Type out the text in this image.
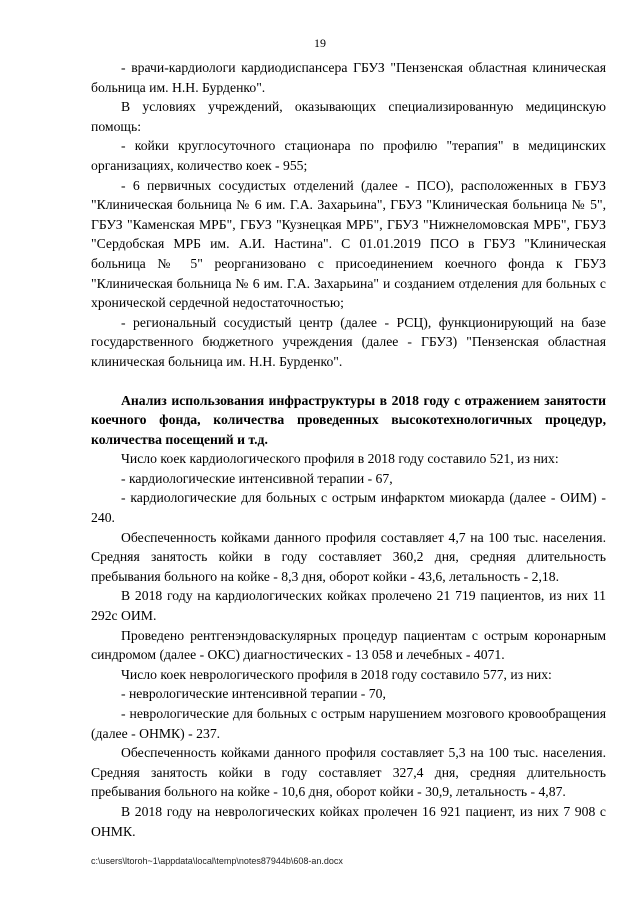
19

- врачи-кардиологи кардиодиспансера ГБУЗ "Пензенская областная клиническая больница им. Н.Н. Бурденко".

В условиях учреждений, оказывающих специализированную медицинскую помощь:

- койки круглосуточного стационара по профилю "терапия" в медицинских организациях, количество коек - 955;

- 6 первичных сосудистых отделений (далее - ПСО), расположенных в ГБУЗ "Клиническая больница № 6 им. Г.А. Захарьина", ГБУЗ "Клиническая больница № 5", ГБУЗ "Каменская МРБ", ГБУЗ "Кузнецкая МРБ", ГБУЗ "Нижнеломовская МРБ", ГБУЗ "Сердобская МРБ им. А.И. Настина". С 01.01.2019 ПСО в ГБУЗ "Клиническая больница № 5" реорганизовано с присоединением коечного фонда к ГБУЗ "Клиническая больница № 6 им. Г.А. Захарьина" и созданием отделения для больных с хронической сердечной недостаточностью;

- региональный сосудистый центр (далее - РСЦ), функционирующий на базе государственного бюджетного учреждения (далее - ГБУЗ) "Пензенская областная клиническая больница им. Н.Н. Бурденко".

Анализ использования инфраструктуры в 2018 году с отражением занятости коечного фонда, количества проведенных высокотехнологичных процедур, количества посещений и т.д.

Число коек кардиологического профиля в 2018 году составило 521, из них:

- кардиологические интенсивной терапии - 67,

- кардиологические для больных с острым инфарктом миокарда (далее - ОИМ) - 240.

Обеспеченность койками данного профиля составляет 4,7 на 100 тыс. населения. Средняя занятость койки в году составляет 360,2 дня, средняя длительность пребывания больного на койке - 8,3 дня, оборот койки - 43,6, летальность - 2,18.

В 2018 году на кардиологических койках пролечено 21 719 пациентов, из них 11 292с ОИМ.

Проведено рентгенэндоваскулярных процедур пациентам с острым коронарным синдромом (далее - ОКС) диагностических - 13 058 и лечебных - 4071.

Число коек неврологического профиля в 2018 году составило 577, из них:

- неврологические интенсивной терапии - 70,

- неврологические для больных с острым нарушением мозгового кровообращения (далее - ОНМК) - 237.

Обеспеченность койками данного профиля составляет 5,3 на 100 тыс. населения. Средняя занятость койки в году составляет 327,4 дня, средняя длительность пребывания больного на койке - 10,6 дня, оборот койки - 30,9, летальность - 4,87.

В 2018 году на неврологических койках пролечен 16 921 пациент, из них 7 908 с ОНМК.

c:\users\ltoroh~1\appdata\local\temp\notes87944b\608-an.docx
